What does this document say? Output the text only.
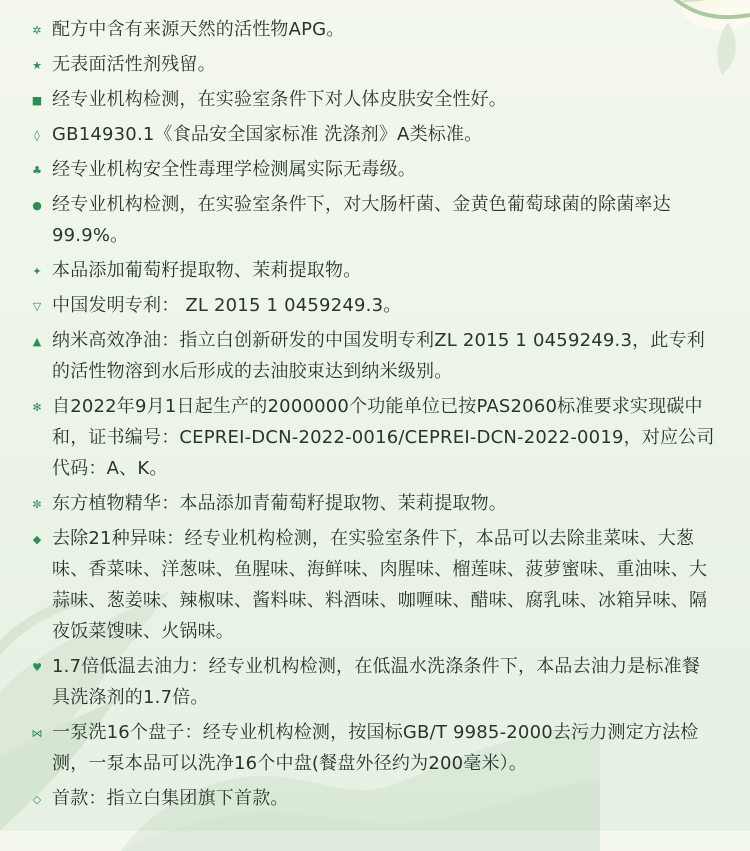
✲ 配方中含有来源天然的活性物APG。
★ 无表面活性剂残留。
■ 经专业机构检测，在实验室条件下对人体皮肤安全性好。
◊ GB14930.1《食品安全国家标准 洗涤剂》A类标准。
♣ 经专业机构安全性毒理学检测属实际无毒级。
● 经专业机构检测，在实验室条件下，对大肠杆菌、金黄色葡萄球菌的除菌率达99.9%。
✦ 本品添加葡萄籽提取物、茉莉提取物。
▽ 中国发明专利： ZL 2015 1 0459249.3。
▲ 纳米高效净油：指立白创新研发的中国发明专利ZL 2015 1 0459249.3，此专利的活性物溶到水后形成的去油胶束达到纳米级别。
✻ 自2022年9月1日起生产的2000000个功能单位已按PAS2060标准要求实现碳中和，证书编号：CEPREI-DCN-2022-0016/CEPREI-DCN-2022-0019，对应公司代码：A、K。
✼ 东方植物精华：本品添加青葡萄籽提取物、茉莉提取物。
◆ 去除21种异味：经专业机构检测，在实验室条件下，本品可以去除韭菜味、大葱味、香菜味、洋葱味、鱼腥味、海鲜味、肉腥味、榴莲味、菠萝蜜味、重油味、大蒜味、葱姜味、辣椒味、酱料味、料酒味、咖喱味、醋味、腐乳味、冰箱异味、隔夜饭菜馊味、火锅味。
♥ 1.7倍低温去油力：经专业机构检测，在低温水洗涤条件下，本品去油力是标准餐具洗涤剂的1.7倍。
⋈ 一泵洗16个盘子：经专业机构检测，按国标GB/T 9985-2000去污力测定方法检测，一泵本品可以洗净16个中盘(餐盘外径约为200毫米）。
◇ 首款：指立白集团旗下首款。
